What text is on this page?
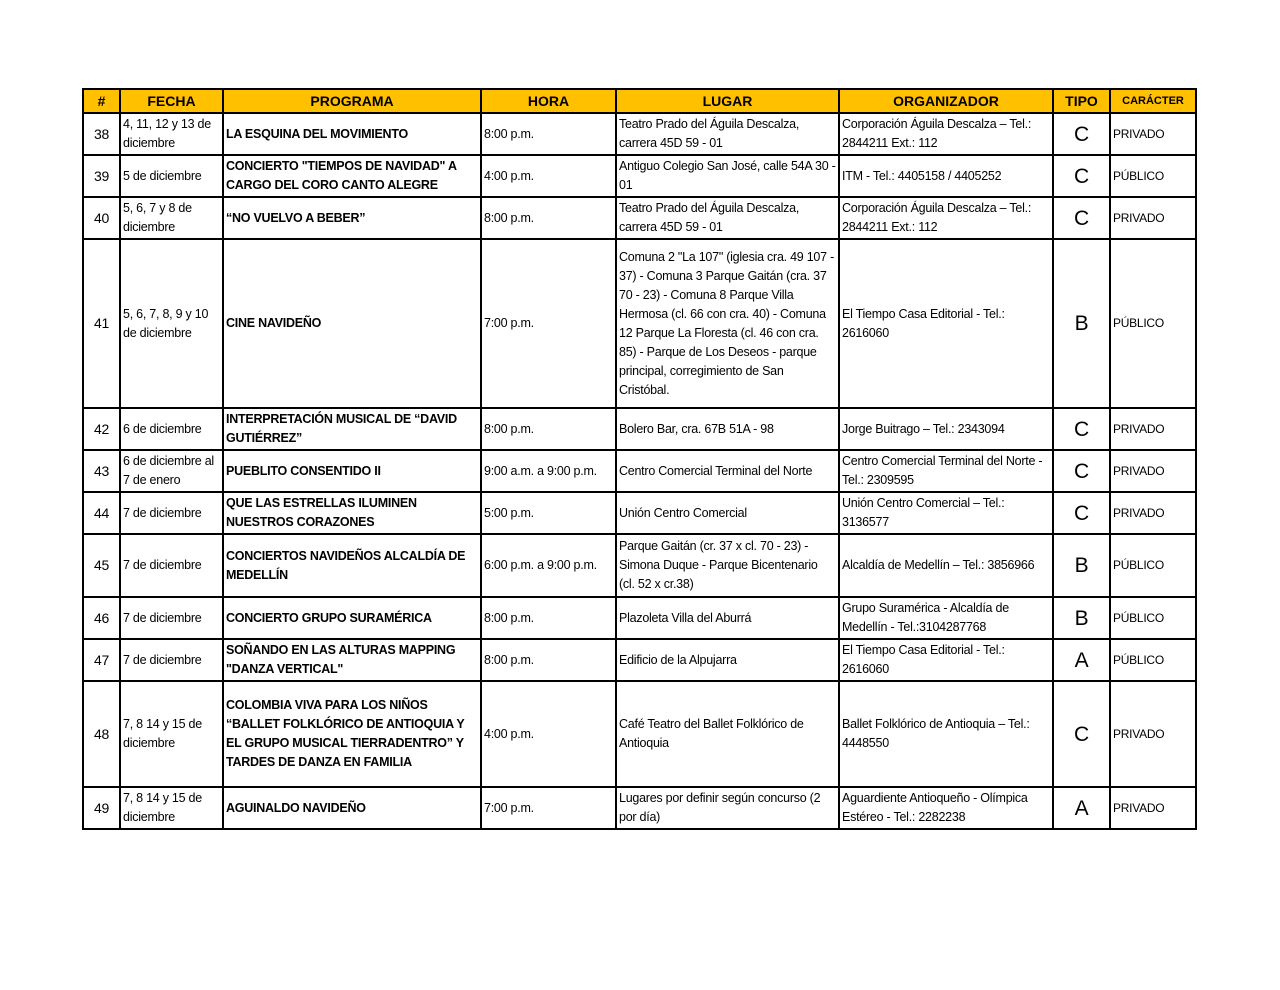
#	FECHA	PROGRAMA	HORA	LUGAR	ORGANIZADOR	TIPO	CARÁCTER
38	4, 11, 12 y 13 de diciembre	LA ESQUINA DEL MOVIMIENTO	8:00 p.m.	Teatro Prado del Águila Descalza, carrera 45D 59 - 01	Corporación Águila Descalza – Tel.: 2844211 Ext.: 112	C	PRIVADO
39	5 de diciembre	CONCIERTO "TIEMPOS DE NAVIDAD" A CARGO DEL CORO CANTO ALEGRE	4:00 p.m.	Antiguo Colegio San José, calle 54A 30 - 01	ITM - Tel.: 4405158 / 4405252	C	PÚBLICO
40	5, 6, 7 y 8 de diciembre	“NO VUELVO A BEBER”	8:00 p.m.	Teatro Prado del Águila Descalza, carrera 45D 59 - 01	Corporación Águila Descalza – Tel.: 2844211 Ext.: 112	C	PRIVADO
41	5, 6, 7, 8, 9 y 10 de diciembre	CINE NAVIDEÑO	7:00 p.m.	Comuna 2 "La 107" (iglesia cra. 49 107 - 37) - Comuna 3 Parque Gaitán (cra. 37 70 - 23) - Comuna 8 Parque Villa Hermosa (cl. 66 con cra. 40) - Comuna 12 Parque La Floresta (cl. 46 con cra. 85) - Parque de Los Deseos - parque principal, corregimiento de San Cristóbal.	El Tiempo Casa Editorial - Tel.: 2616060	B	PÚBLICO
42	6 de diciembre	INTERPRETACIÓN MUSICAL DE “DAVID GUTIÉRREZ”	8:00 p.m.	Bolero Bar, cra. 67B 51A - 98	Jorge Buitrago – Tel.: 2343094	C	PRIVADO
43	6 de diciembre al 7 de enero	PUEBLITO CONSENTIDO II	9:00 a.m. a 9:00 p.m.	Centro Comercial Terminal del Norte	Centro Comercial Terminal del Norte - Tel.: 2309595	C	PRIVADO
44	7 de diciembre	QUE LAS ESTRELLAS ILUMINEN NUESTROS CORAZONES	5:00 p.m.	Unión Centro Comercial	Unión Centro Comercial – Tel.: 3136577	C	PRIVADO
45	7 de diciembre	CONCIERTOS NAVIDEÑOS ALCALDÍA DE MEDELLÍN	6:00 p.m. a 9:00 p.m.	Parque Gaitán (cr. 37 x cl. 70 - 23) - Simona Duque - Parque Bicentenario (cl. 52 x cr.38)	Alcaldía de Medellín – Tel.: 3856966	B	PÚBLICO
46	7 de diciembre	CONCIERTO GRUPO SURAMÉRICA	8:00 p.m.	Plazoleta Villa del Aburrá	Grupo Suramérica - Alcaldía de Medellín - Tel.:3104287768	B	PÚBLICO
47	7 de diciembre	SOÑANDO EN LAS ALTURAS MAPPING "DANZA VERTICAL"	8:00 p.m.	Edificio de la Alpujarra	El Tiempo Casa Editorial - Tel.: 2616060	A	PÚBLICO
48	7, 8 14 y 15 de diciembre	COLOMBIA VIVA PARA LOS NIÑOS “BALLET FOLKLÓRICO DE ANTIOQUIA Y EL GRUPO MUSICAL TIERRADENTRO” Y TARDES DE DANZA EN FAMILIA	4:00 p.m.	Café Teatro del Ballet Folklórico de Antioquia	Ballet Folklórico de Antioquia – Tel.: 4448550	C	PRIVADO
49	7, 8 14 y 15 de diciembre	AGUINALDO NAVIDEÑO	7:00 p.m.	Lugares por definir según concurso (2 por día)	Aguardiente Antioqueño - Olímpica Estéreo - Tel.: 2282238	A	PRIVADO
